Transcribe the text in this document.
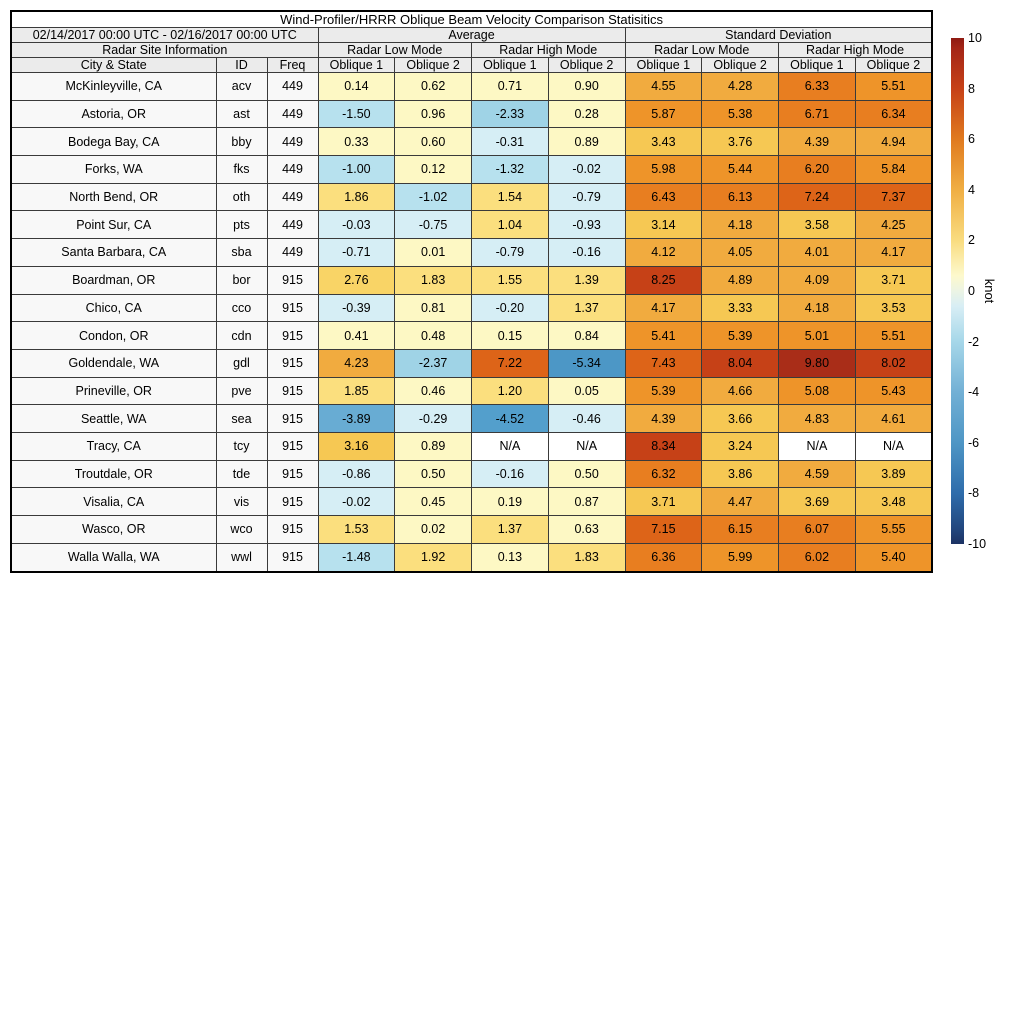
Wind-Profiler/HRRR Oblique Beam Velocity Comparison Statisitics										
02/14/2017 00:00 UTC - 02/16/2017 00:00 UTC			Average				Standard Deviation			
Radar Site Information			Radar Low Mode		Radar High Mode		Radar Low Mode		Radar High Mode	
City & State	ID	Freq	Oblique 1	Oblique 2	Oblique 1	Oblique 2	Oblique 1	Oblique 2	Oblique 1	Oblique 2
McKinleyville, CA	acv	449	0.14	0.62	0.71	0.90	4.55	4.28	6.33	5.51
Astoria, OR	ast	449	-1.50	0.96	-2.33	0.28	5.87	5.38	6.71	6.34
Bodega Bay, CA	bby	449	0.33	0.60	-0.31	0.89	3.43	3.76	4.39	4.94
Forks, WA	fks	449	-1.00	0.12	-1.32	-0.02	5.98	5.44	6.20	5.84
North Bend, OR	oth	449	1.86	-1.02	1.54	-0.79	6.43	6.13	7.24	7.37
Point Sur, CA	pts	449	-0.03	-0.75	1.04	-0.93	3.14	4.18	3.58	4.25
Santa Barbara, CA	sba	449	-0.71	0.01	-0.79	-0.16	4.12	4.05	4.01	4.17
Boardman, OR	bor	915	2.76	1.83	1.55	1.39	8.25	4.89	4.09	3.71
Chico, CA	cco	915	-0.39	0.81	-0.20	1.37	4.17	3.33	4.18	3.53
Condon, OR	cdn	915	0.41	0.48	0.15	0.84	5.41	5.39	5.01	5.51
Goldendale, WA	gdl	915	4.23	-2.37	7.22	-5.34	7.43	8.04	9.80	8.02
Prineville, OR	pve	915	1.85	0.46	1.20	0.05	5.39	4.66	5.08	5.43
Seattle, WA	sea	915	-3.89	-0.29	-4.52	-0.46	4.39	3.66	4.83	4.61
Tracy, CA	tcy	915	3.16	0.89	N/A	N/A	8.34	3.24	N/A	N/A
Troutdale, OR	tde	915	-0.86	0.50	-0.16	0.50	6.32	3.86	4.59	3.89
Visalia, CA	vis	915	-0.02	0.45	0.19	0.87	3.71	4.47	3.69	3.48
Wasco, OR	wco	915	1.53	0.02	1.37	0.63	7.15	6.15	6.07	5.55
Walla Walla, WA	wwl	915	-1.48	1.92	0.13	1.83	6.36	5.99	6.02	5.40
10
8
6
4
2
0
-2
-4
-6
-8
-10
knot
